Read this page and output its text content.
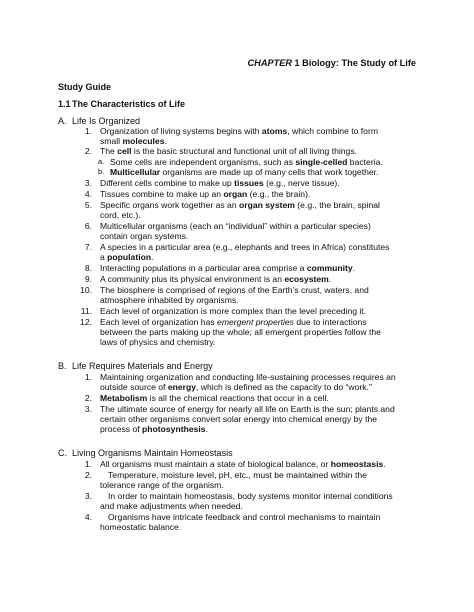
CHAPTER 1 Biology: The Study of Life
Study Guide
1.1The Characteristics of Life
A. Life Is Organized
1. Organization of living systems begins with atoms, which combine to form
small molecules.
2. The cell is the basic structural and functional unit of all living things.
a. Some cells are independent organisms, such as single-celled bacteria.
b. Multicellular organisms are made up of many cells that work together.
3. Different cells combine to make up tissues (e.g., nerve tissue).
4. Tissues combine to make up an organ (e.g., the brain).
5. Specific organs work together as an organ system (e.g., the brain, spinal
cord, etc.).
6. Multicellular organisms (each an “individual” within a particular species)
contain organ systems.
7. A species in a particular area (e.g., elephants and trees in Africa) constitutes
a population.
8. Interacting populations in a particular area comprise a community.
9. A community plus its physical environment is an ecosystem.
10. The biosphere is comprised of regions of the Earth’s crust, waters, and
atmosphere inhabited by organisms.
11. Each level of organization is more complex than the level preceding it.
12. Each level of organization has emergent properties due to interactions
between the parts making up the whole; all emergent properties follow the
laws of physics and chemistry.
B. Life Requires Materials and Energy
1. Maintaining organization and conducting life-sustaining processes requires an
outside source of energy, which is defined as the capacity to do “work.”
2. Metabolism is all the chemical reactions that occur in a cell.
3. The ultimate source of energy for nearly all life on Earth is the sun; plants and
certain other organisms convert solar energy into chemical energy by the
process of photosynthesis.
C. Living Organisms Maintain Homeostasis
1. All organisms must maintain a state of biological balance, or homeostasis.
2. Temperature, moisture level, pH, etc., must be maintained within the
tolerance range of the organism.
3. In order to maintain homeostasis, body systems monitor internal conditions
and make adjustments when needed.
4. Organisms have intricate feedback and control mechanisms to maintain
homeostatic balance.
